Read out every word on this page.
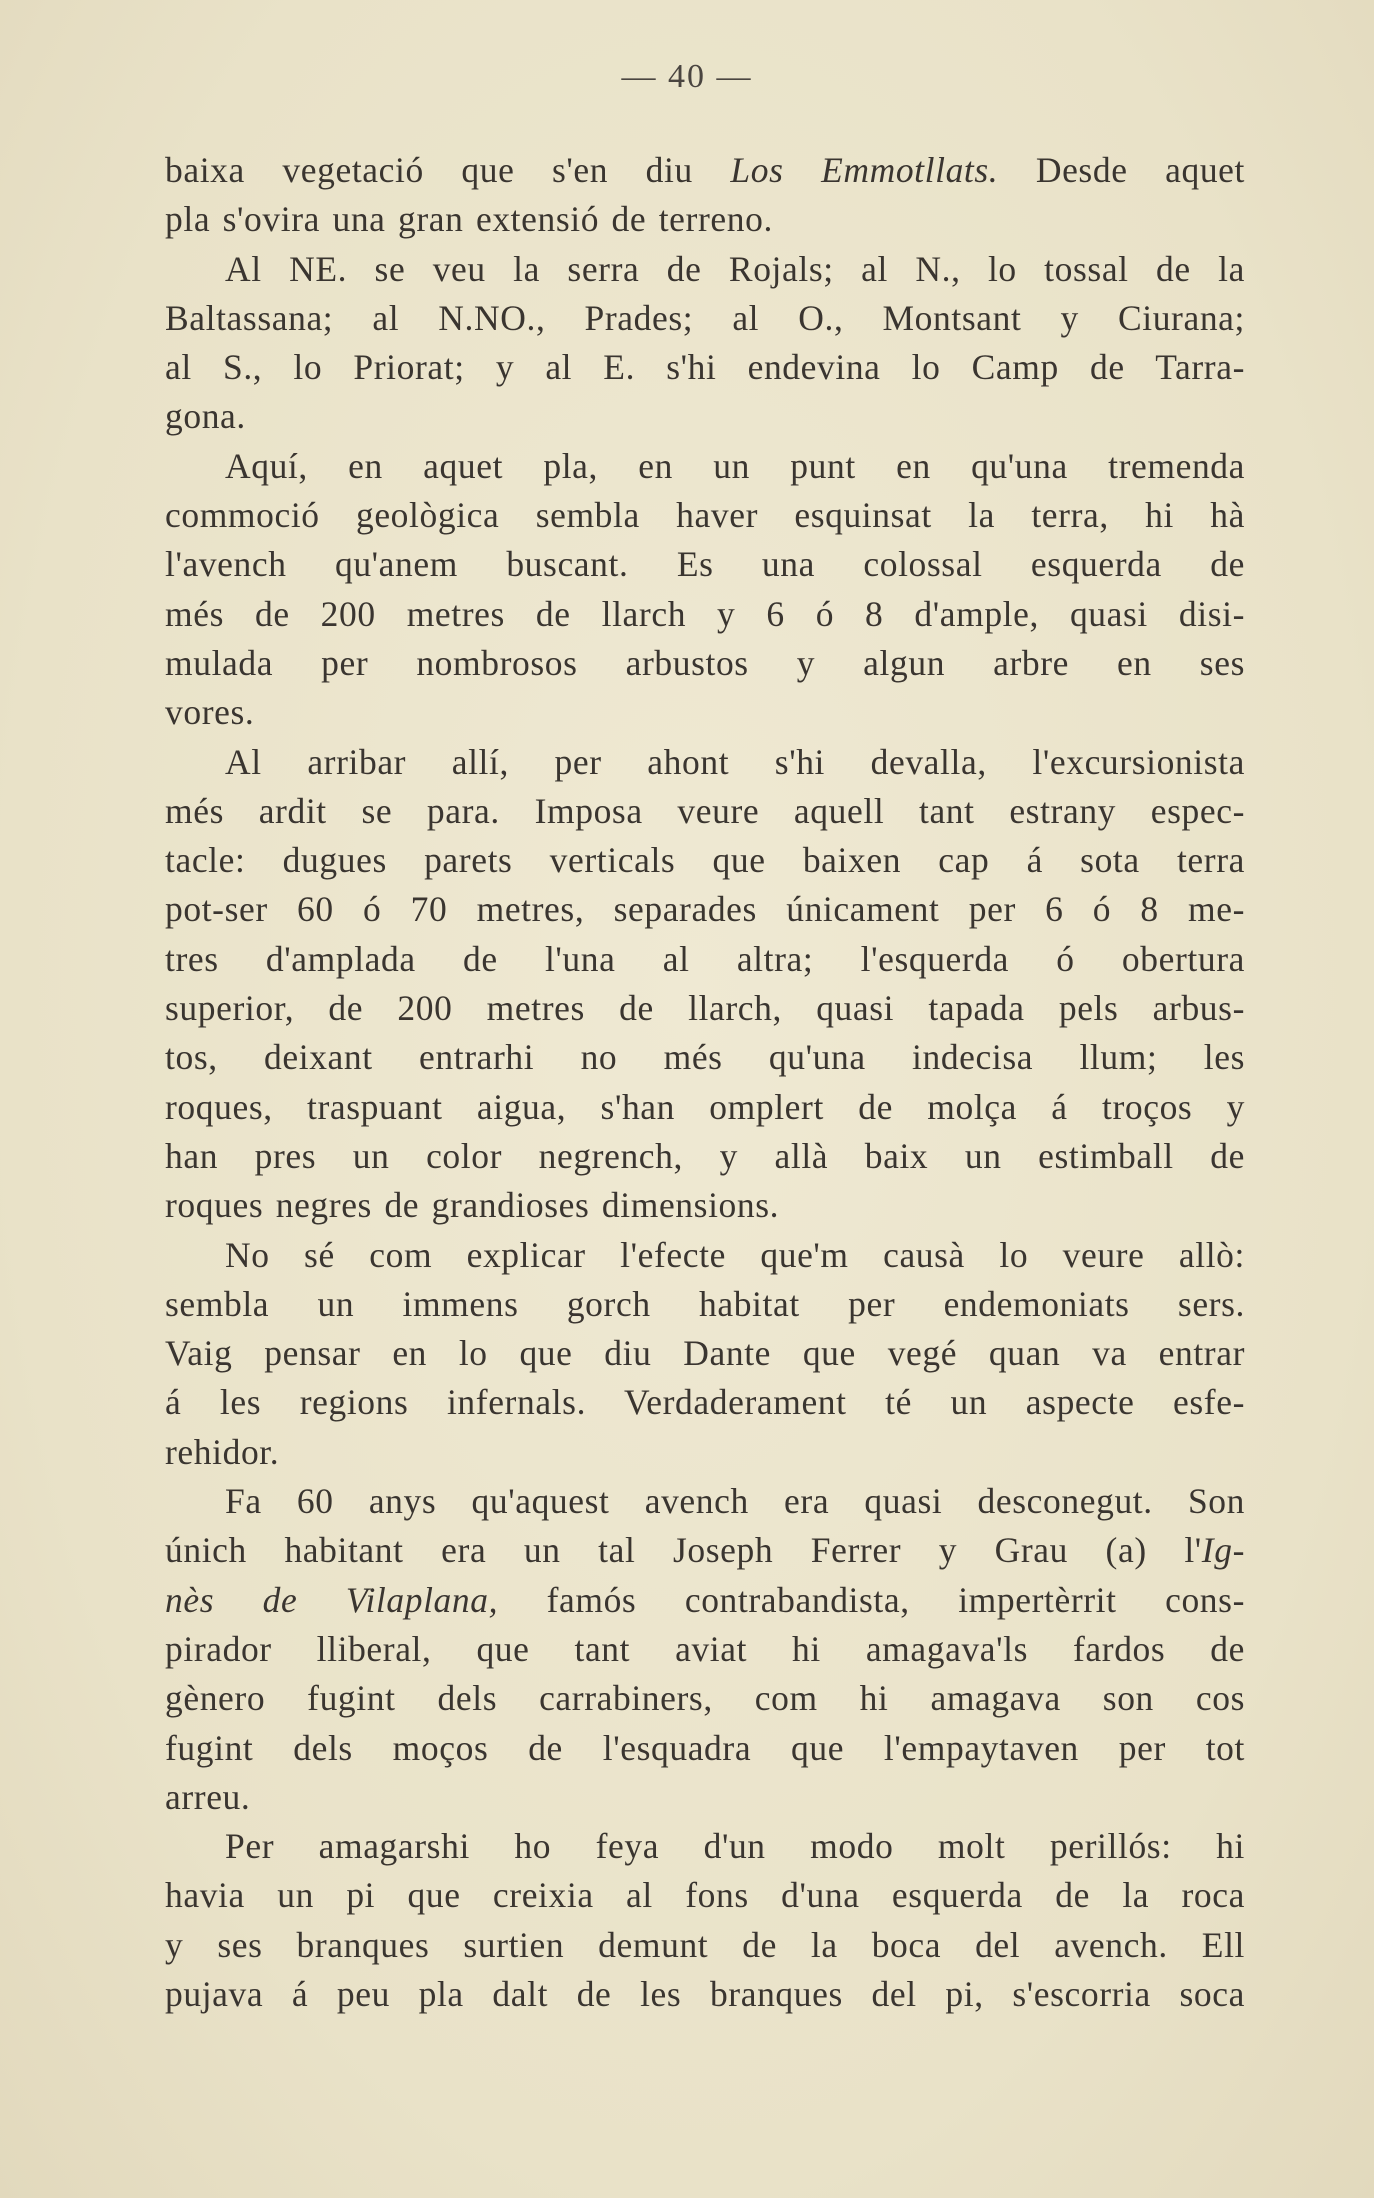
— 40 —
baixa vegetació que s'en diu Los Emmotllats. Desde aquet
pla s'ovira una gran extensió de terreno.
Al NE. se veu la serra de Rojals; al N., lo tossal de la
Baltassana; al N.NO., Prades; al O., Montsant y Ciurana;
al S., lo Priorat; y al E. s'hi endevina lo Camp de Tarra-
gona.
Aquí, en aquet pla, en un punt en qu'una tremenda
commoció geològica sembla haver esquinsat la terra, hi hà
l'avench qu'anem buscant. Es una colossal esquerda de
més de 200 metres de llarch y 6 ó 8 d'ample, quasi disi-
mulada per nombrosos arbustos y algun arbre en ses
vores.
Al arribar allí, per ahont s'hi devalla, l'excursionista
més ardit se para. Imposa veure aquell tant estrany espec-
tacle: dugues parets verticals que baixen cap á sota terra
pot-ser 60 ó 70 metres, separades únicament per 6 ó 8 me-
tres d'amplada de l'una al altra; l'esquerda ó obertura
superior, de 200 metres de llarch, quasi tapada pels arbus-
tos, deixant entrarhi no més qu'una indecisa llum; les
roques, traspuant aigua, s'han omplert de molça á troços y
han pres un color negrench, y allà baix un estimball de
roques negres de grandioses dimensions.
No sé com explicar l'efecte que'm causà lo veure allò:
sembla un immens gorch habitat per endemoniats sers.
Vaig pensar en lo que diu Dante que vegé quan va entrar
á les regions infernals. Verdaderament té un aspecte esfe-
rehidor.
Fa 60 anys qu'aquest avench era quasi desconegut. Son
únich habitant era un tal Joseph Ferrer y Grau (a) l'Ig-
nès de Vilaplana, famós contrabandista, impertèrrit cons-
pirador lliberal, que tant aviat hi amagava'ls fardos de
gènero fugint dels carrabiners, com hi amagava son cos
fugint dels moços de l'esquadra que l'empaytaven per tot
arreu.
Per amagarshi ho feya d'un modo molt perillós: hi
havia un pi que creixia al fons d'una esquerda de la roca
y ses branques surtien demunt de la boca del avench. Ell
pujava á peu pla dalt de les branques del pi, s'escorria soca
